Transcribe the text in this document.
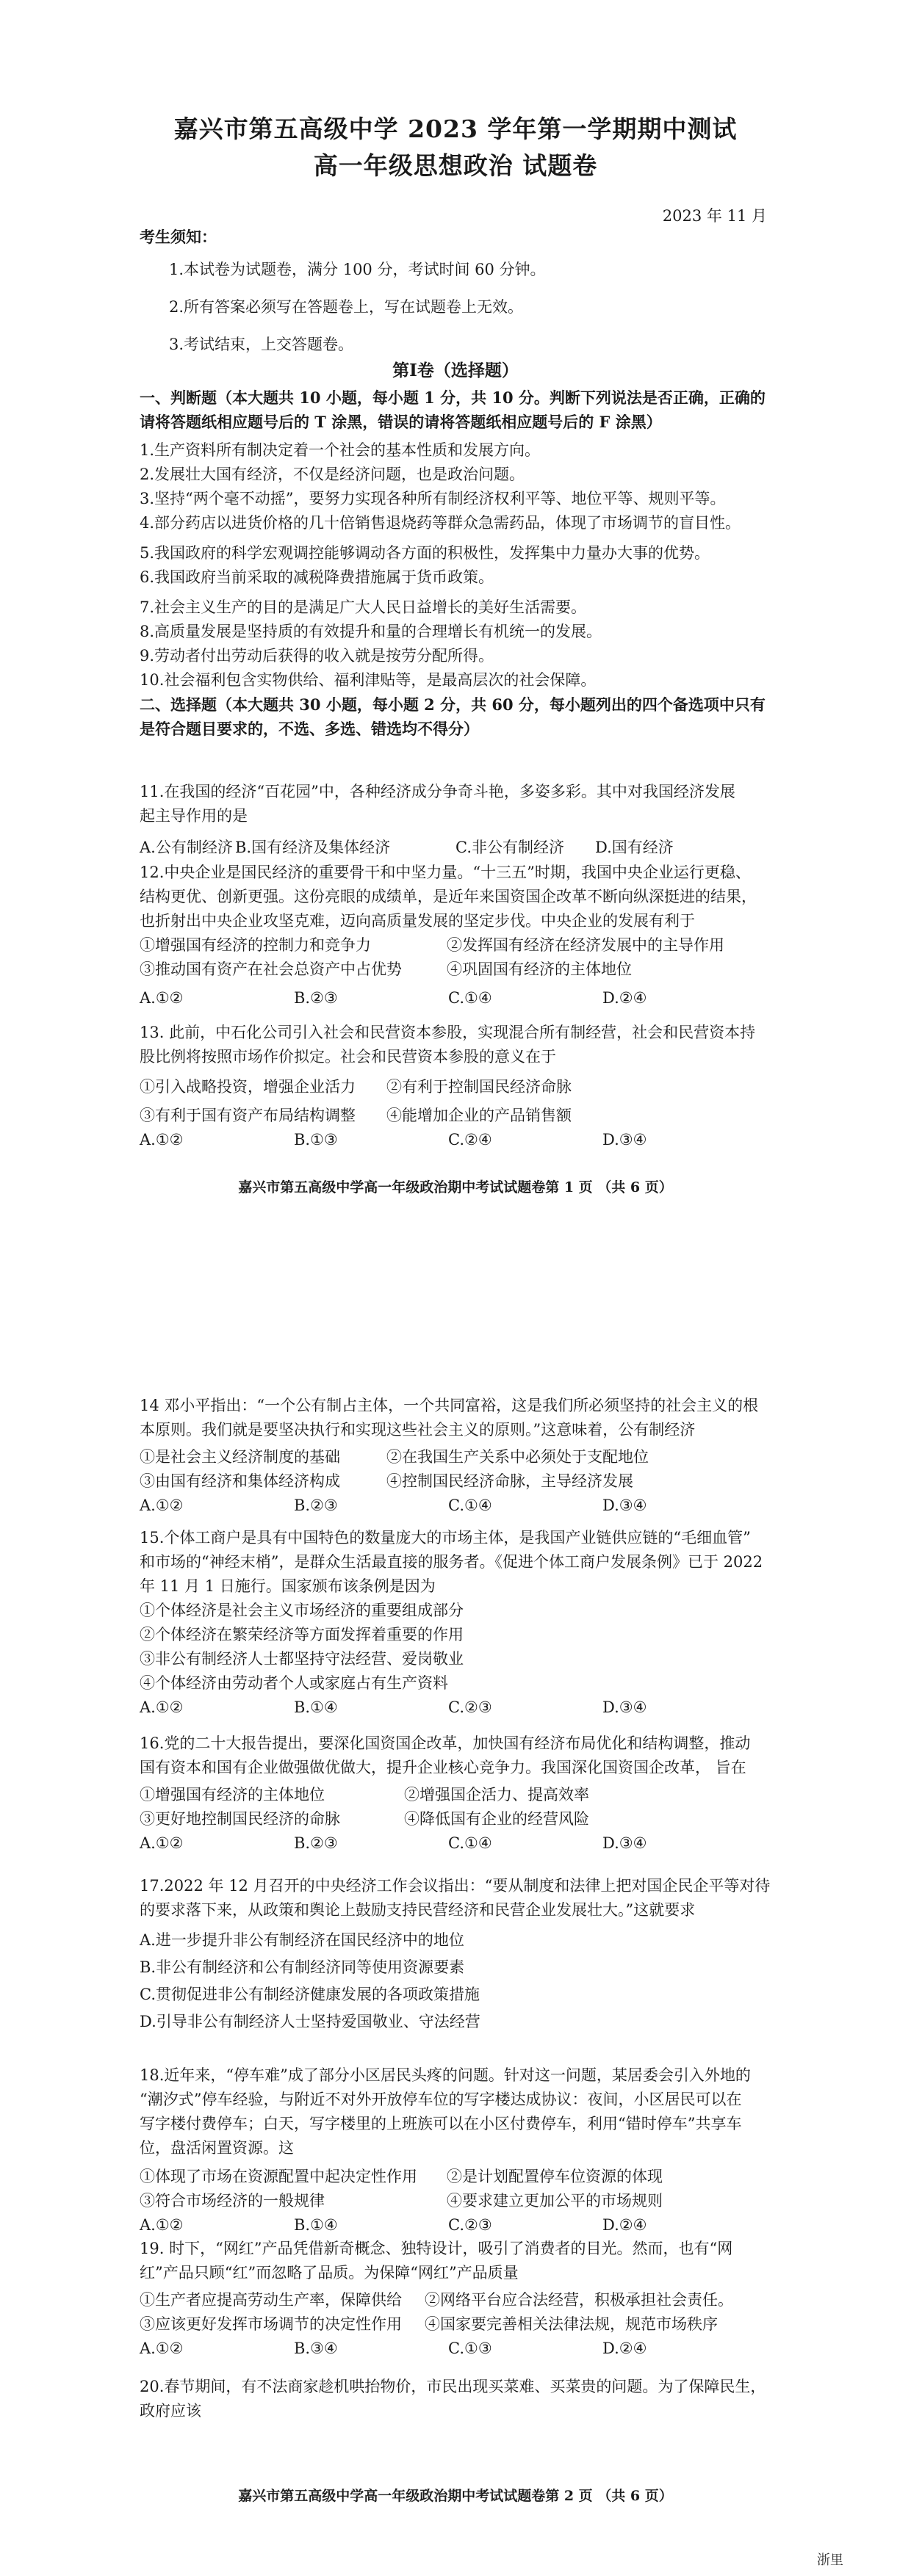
嘉兴市第五高级中学 2023 学年第一学期期中测试
高一年级思想政治 试题卷
2023 年 11 月
考生须知：
1.本试卷为试题卷，满分 100 分，考试时间 60 分钟。
2.所有答案必须写在答题卷上，写在试题卷上无效。
3.考试结束，上交答题卷。
第Ⅰ卷（选择题）
一、判断题（本大题共 10 小题，每小题 1 分，共 10 分。判断下列说法是否正确，正确的
请将答题纸相应题号后的 T 涂黑，错误的请将答题纸相应题号后的 F 涂黑）
1.生产资料所有制决定着一个社会的基本性质和发展方向。
2.发展壮大国有经济，不仅是经济问题，也是政治问题。
3.坚持“两个毫不动摇”，要努力实现各种所有制经济权利平等、地位平等、规则平等。
4.部分药店以进货价格的几十倍销售退烧药等群众急需药品，体现了市场调节的盲目性。
5.我国政府的科学宏观调控能够调动各方面的积极性，发挥集中力量办大事的优势。
6.我国政府当前采取的减税降费措施属于货币政策。
7.社会主义生产的目的是满足广大人民日益增长的美好生活需要。
8.高质量发展是坚持质的有效提升和量的合理增长有机统一的发展。
9.劳动者付出劳动后获得的收入就是按劳分配所得。
10.社会福利包含实物供给、福利津贴等，是最高层次的社会保障。
二、选择题（本大题共 30 小题，每小题 2 分，共 60 分，每小题列出的四个备选项中只有
是符合题目要求的，不选、多选、错选均不得分）
11.在我国的经济“百花园”中，各种经济成分争奇斗艳，多姿多彩。其中对我国经济发展
起主导作用的是
A.公有制经济 B.国有经济及集体经济	C.非公有制经济 D.国有经济
12.中央企业是国民经济的重要骨干和中坚力量。“十三五”时期，我国中央企业运行更稳、
结构更优、创新更强。这份亮眼的成绩单，是近年来国资国企改革不断向纵深挺进的结果，
也折射出中央企业攻坚克难，迈向高质量发展的坚定步伐。中央企业的发展有利于
①增强国有经济的控制力和竞争力	②发挥国有经济在经济发展中的主导作用
③推动国有资产在社会总资产中占优势	④巩固国有经济的主体地位
A.①②	B.②③	C.①④	D.②④
13. 此前，中石化公司引入社会和民营资本参股，实现混合所有制经营，社会和民营资本持
股比例将按照市场作价拟定。社会和民营资本参股的意义在于
①引入战略投资，增强企业活力 ②有利于控制国民经济命脉
③有利于国有资产布局结构调整 ④能增加企业的产品销售额
A.①②	B.①③	C.②④	D.③④
嘉兴市第五高级中学高一年级政治期中考试试题卷第 1 页 （共 6 页）
14 邓小平指出：“一个公有制占主体，一个共同富裕，这是我们所必须坚持的社会主义的根
本原则。我们就是要坚决执行和实现这些社会主义的原则。”这意味着，公有制经济
①是社会主义经济制度的基础	②在我国生产关系中必须处于支配地位
③由国有经济和集体经济构成	④控制国民经济命脉，主导经济发展
A.①②	B.②③	C.①④	D.③④
15.个体工商户是具有中国特色的数量庞大的市场主体，是我国产业链供应链的“毛细血管”
和市场的“神经末梢”，是群众生活最直接的服务者。《促进个体工商户发展条例》已于 2022
年 11 月 1 日施行。国家颁布该条例是因为
①个体经济是社会主义市场经济的重要组成部分
②个体经济在繁荣经济等方面发挥着重要的作用
③非公有制经济人士都坚持守法经营、爱岗敬业
④个体经济由劳动者个人或家庭占有生产资料
A.①②	B.①④	C.②③	D.③④
16.党的二十大报告提出，要深化国资国企改革，加快国有经济布局优化和结构调整，推动
国有资本和国有企业做强做优做大，提升企业核心竞争力。我国深化国资国企改革， 旨在
①增强国有经济的主体地位	②增强国企活力、提高效率
③更好地控制国民经济的命脉	④降低国有企业的经营风险
A.①②	B.②③	C.①④	D.③④
17.2022 年 12 月召开的中央经济工作会议指出：“要从制度和法律上把对国企民企平等对待
的要求落下来，从政策和舆论上鼓励支持民营经济和民营企业发展壮大。”这就要求
A.进一步提升非公有制经济在国民经济中的地位
B.非公有制经济和公有制经济同等使用资源要素
C.贯彻促进非公有制经济健康发展的各项政策措施
D.引导非公有制经济人士坚持爱国敬业、守法经营
18.近年来，“停车难”成了部分小区居民头疼的问题。针对这一问题，某居委会引入外地的
“潮汐式”停车经验，与附近不对外开放停车位的写字楼达成协议：夜间，小区居民可以在
写字楼付费停车；白天，写字楼里的上班族可以在小区付费停车，利用“错时停车”共享车
位，盘活闲置资源。这
①体现了市场在资源配置中起决定性作用 ②是计划配置停车位资源的体现
③符合市场经济的一般规律	④要求建立更加公平的市场规则
A.①②	B.①④	C.②③	D.②④
19. 时下，“网红”产品凭借新奇概念、独特设计，吸引了消费者的目光。然而，也有“网
红”产品只顾“红”而忽略了品质。为保障“网红”产品质量
①生产者应提高劳动生产率，保障供给 ②网络平台应合法经营，积极承担社会责任。
③应该更好发挥市场调节的决定性作用 ④国家要完善相关法律法规，规范市场秩序
A.①②	B.③④	C.①③	D.②④
20.春节期间，有不法商家趁机哄抬物价，市民出现买菜难、买菜贵的问题。为了保障民生，
政府应该
嘉兴市第五高级中学高一年级政治期中考试试题卷第 2 页 （共 6 页）
浙里
